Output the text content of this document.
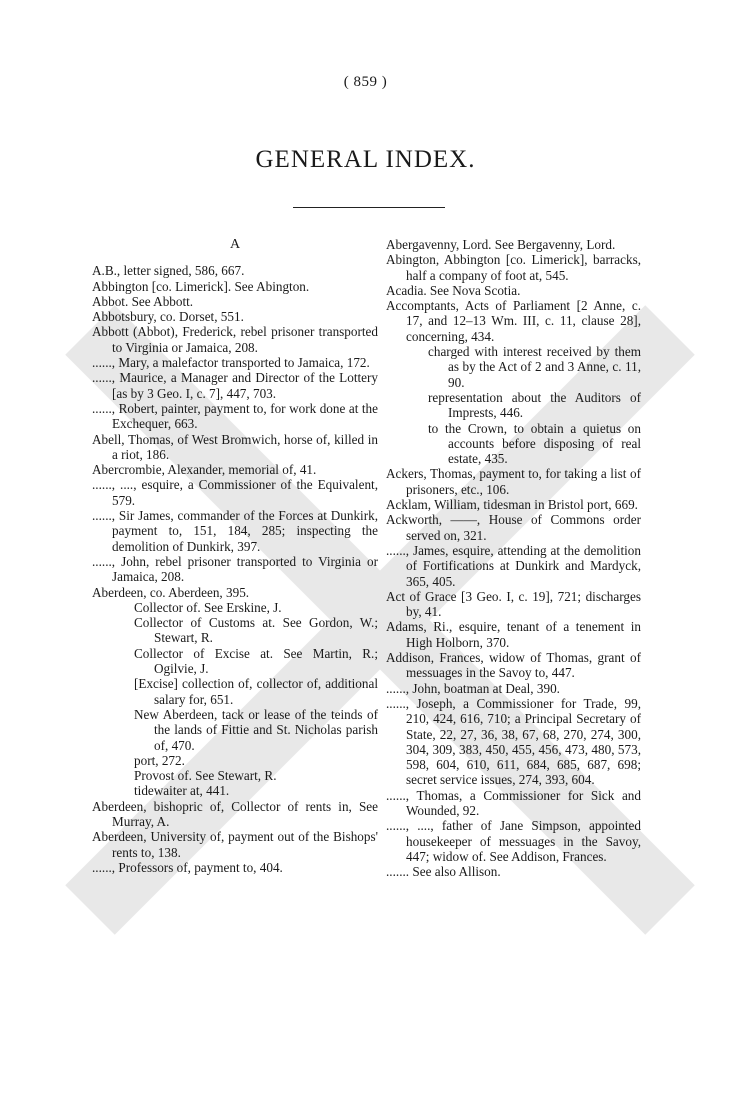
( 859 )
GENERAL INDEX.
A
A.B., letter signed, 586, 667.
Abbington [co. Limerick]. See Abington.
Abbot. See Abbott.
Abbotsbury, co. Dorset, 551.
Abbott (Abbot), Frederick, rebel prisoner transported to Virginia or Jamaica, 208.
......, Mary, a malefactor transported to Jamaica, 172.
......, Maurice, a Manager and Director of the Lottery [as by 3 Geo. I, c. 7], 447, 703.
......, Robert, painter, payment to, for work done at the Exchequer, 663.
Abell, Thomas, of West Bromwich, horse of, killed in a riot, 186.
Abercrombie, Alexander, memorial of, 41.
......, ...., esquire, a Commissioner of the Equivalent, 579.
......, Sir James, commander of the Forces at Dunkirk, payment to, 151, 184, 285; inspecting the demolition of Dunkirk, 397.
......, John, rebel prisoner transported to Virginia or Jamaica, 208.
Aberdeen, co. Aberdeen, 395.
Collector of. See Erskine, J.
Collector of Customs at. See Gordon, W.; Stewart, R.
Collector of Excise at. See Martin, R.; Ogilvie, J.
[Excise] collection of, collector of, additional salary for, 651.
New Aberdeen, tack or lease of the teinds of the lands of Fittie and St. Nicholas parish of, 470.
port, 272.
Provost of. See Stewart, R.
tidewaiter at, 441.
Aberdeen, bishopric of, Collector of rents in, See Murray, A.
Aberdeen, University of, payment out of the Bishops' rents to, 138.
......, Professors of, payment to, 404.
Abergavenny, Lord. See Bergavenny, Lord.
Abington, Abbington [co. Limerick], barracks, half a company of foot at, 545.
Acadia. See Nova Scotia.
Accomptants, Acts of Parliament [2 Anne, c. 17, and 12–13 Wm. III, c. 11, clause 28], concerning, 434.
charged with interest received by them as by the Act of 2 and 3 Anne, c. 11, 90.
representation about the Auditors of Imprests, 446.
to the Crown, to obtain a quietus on accounts before disposing of real estate, 435.
Ackers, Thomas, payment to, for taking a list of prisoners, etc., 106.
Acklam, William, tidesman in Bristol port, 669.
Ackworth, ——, House of Commons order served on, 321.
......, James, esquire, attending at the demolition of Fortifications at Dunkirk and Mardyck, 365, 405.
Act of Grace [3 Geo. I, c. 19], 721; discharges by, 41.
Adams, Ri., esquire, tenant of a tenement in High Holborn, 370.
Addison, Frances, widow of Thomas, grant of messuages in the Savoy to, 447.
......, John, boatman at Deal, 390.
......, Joseph, a Commissioner for Trade, 99, 210, 424, 616, 710; a Principal Secretary of State, 22, 27, 36, 38, 67, 68, 270, 274, 300, 304, 309, 383, 450, 455, 456, 473, 480, 573, 598, 604, 610, 611, 684, 685, 687, 698; secret service issues, 274, 393, 604.
......, Thomas, a Commissioner for Sick and Wounded, 92.
......, ...., father of Jane Simpson, appointed housekeeper of messuages in the Savoy, 447; widow of. See Addison, Frances.
....... See also Allison.
